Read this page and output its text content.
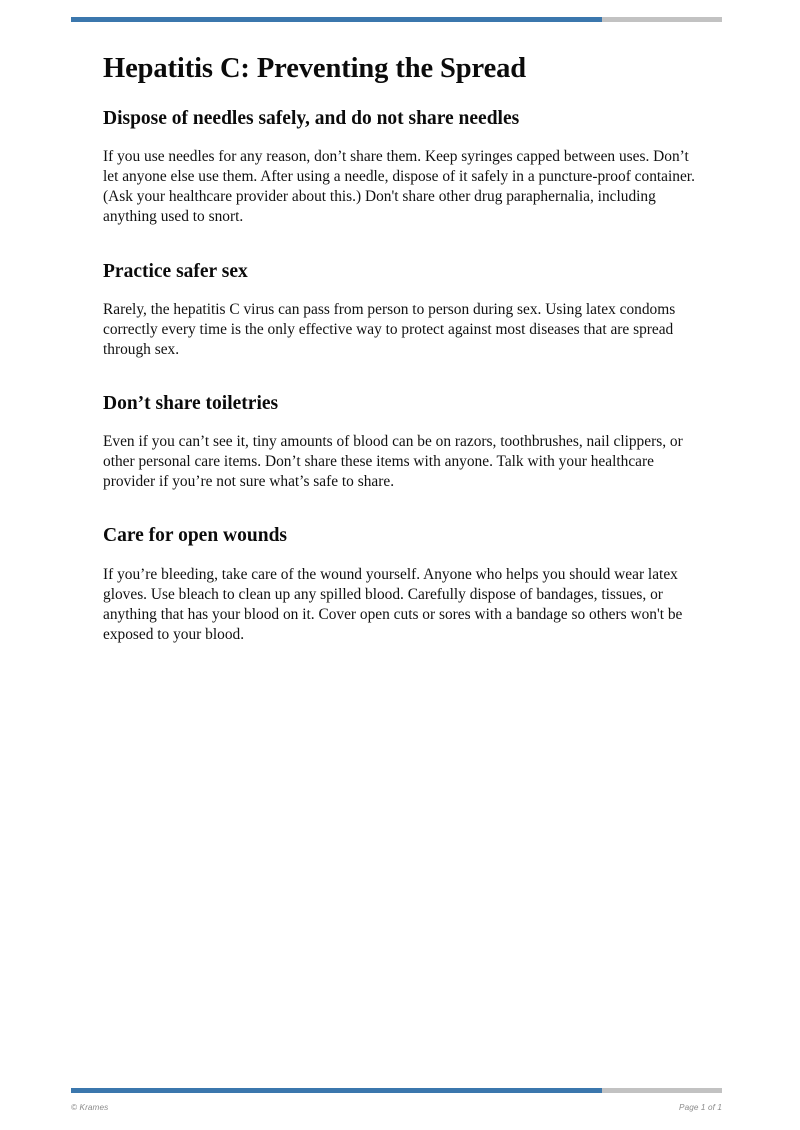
Hepatitis C: Preventing the Spread
Dispose of needles safely, and do not share needles

If you use needles for any reason, don’t share them. Keep syringes capped between uses. Don’t let anyone else use them. After using a needle, dispose of it safely in a puncture-proof container. (Ask your healthcare provider about this.) Don't share other drug paraphernalia, including anything used to snort.

Practice safer sex

Rarely, the hepatitis C virus can pass from person to person during sex. Using latex condoms correctly every time is the only effective way to protect against most diseases that are spread through sex.

Don’t share toiletries

Even if you can’t see it, tiny amounts of blood can be on razors, toothbrushes, nail clippers, or other personal care items. Don’t share these items with anyone. Talk with your healthcare provider if you’re not sure what’s safe to share.

Care for open wounds

If you’re bleeding, take care of the wound yourself. Anyone who helps you should wear latex gloves. Use bleach to clean up any spilled blood. Carefully dispose of bandages, tissues, or anything that has your blood on it. Cover open cuts or sores with a bandage so others won't be exposed to your blood.

© Krames	Page 1 of 1
